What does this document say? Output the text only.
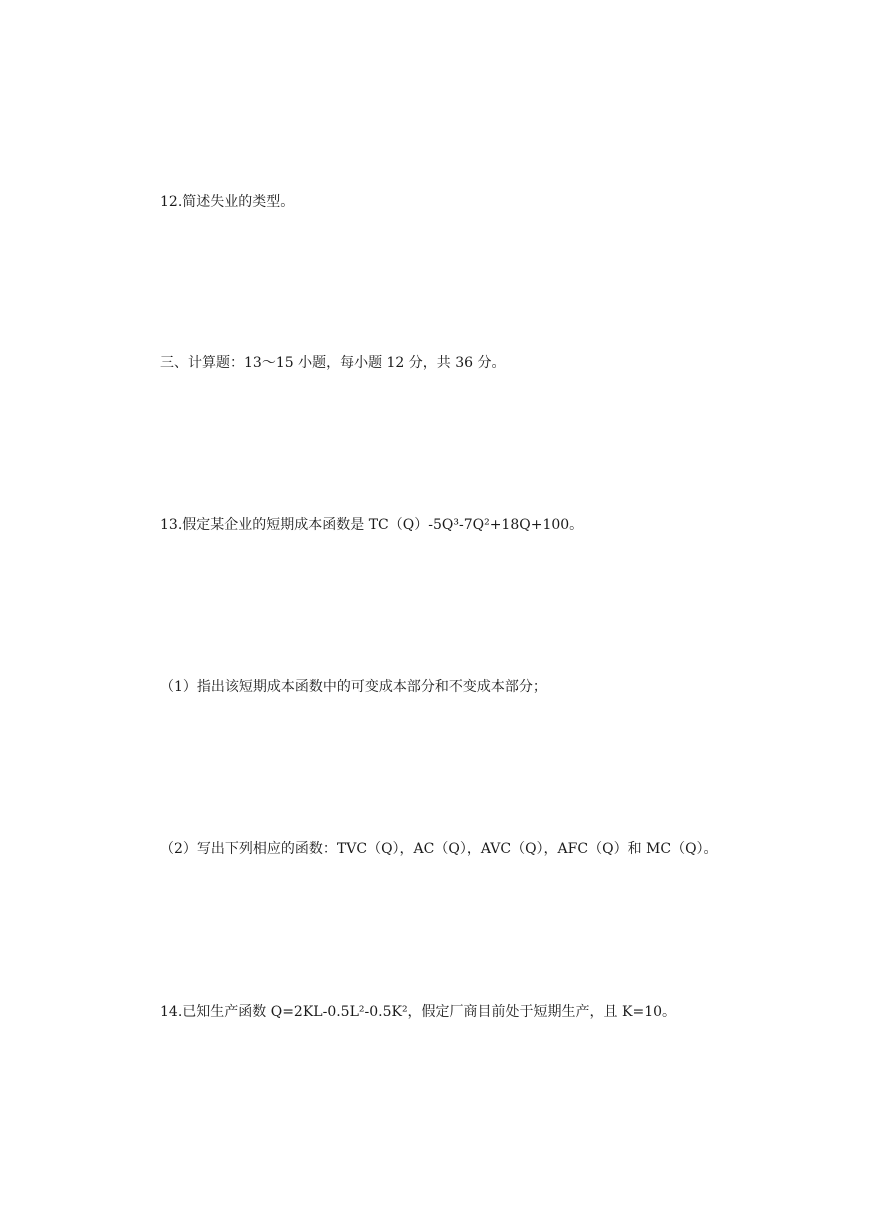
12.简述失业的类型。
三、计算题：13～15 小题，每小题 12 分，共 36 分。
13.假定某企业的短期成本函数是 TC（Q）-5Q³-7Q²+18Q+100。
（1）指出该短期成本函数中的可变成本部分和不变成本部分；
（2）写出下列相应的函数：TVC（Q），AC（Q），AVC（Q），AFC（Q）和 MC（Q）。
14.已知生产函数 Q=2KL-0.5L²-0.5K²，假定厂商目前处于短期生产，且 K=10。
